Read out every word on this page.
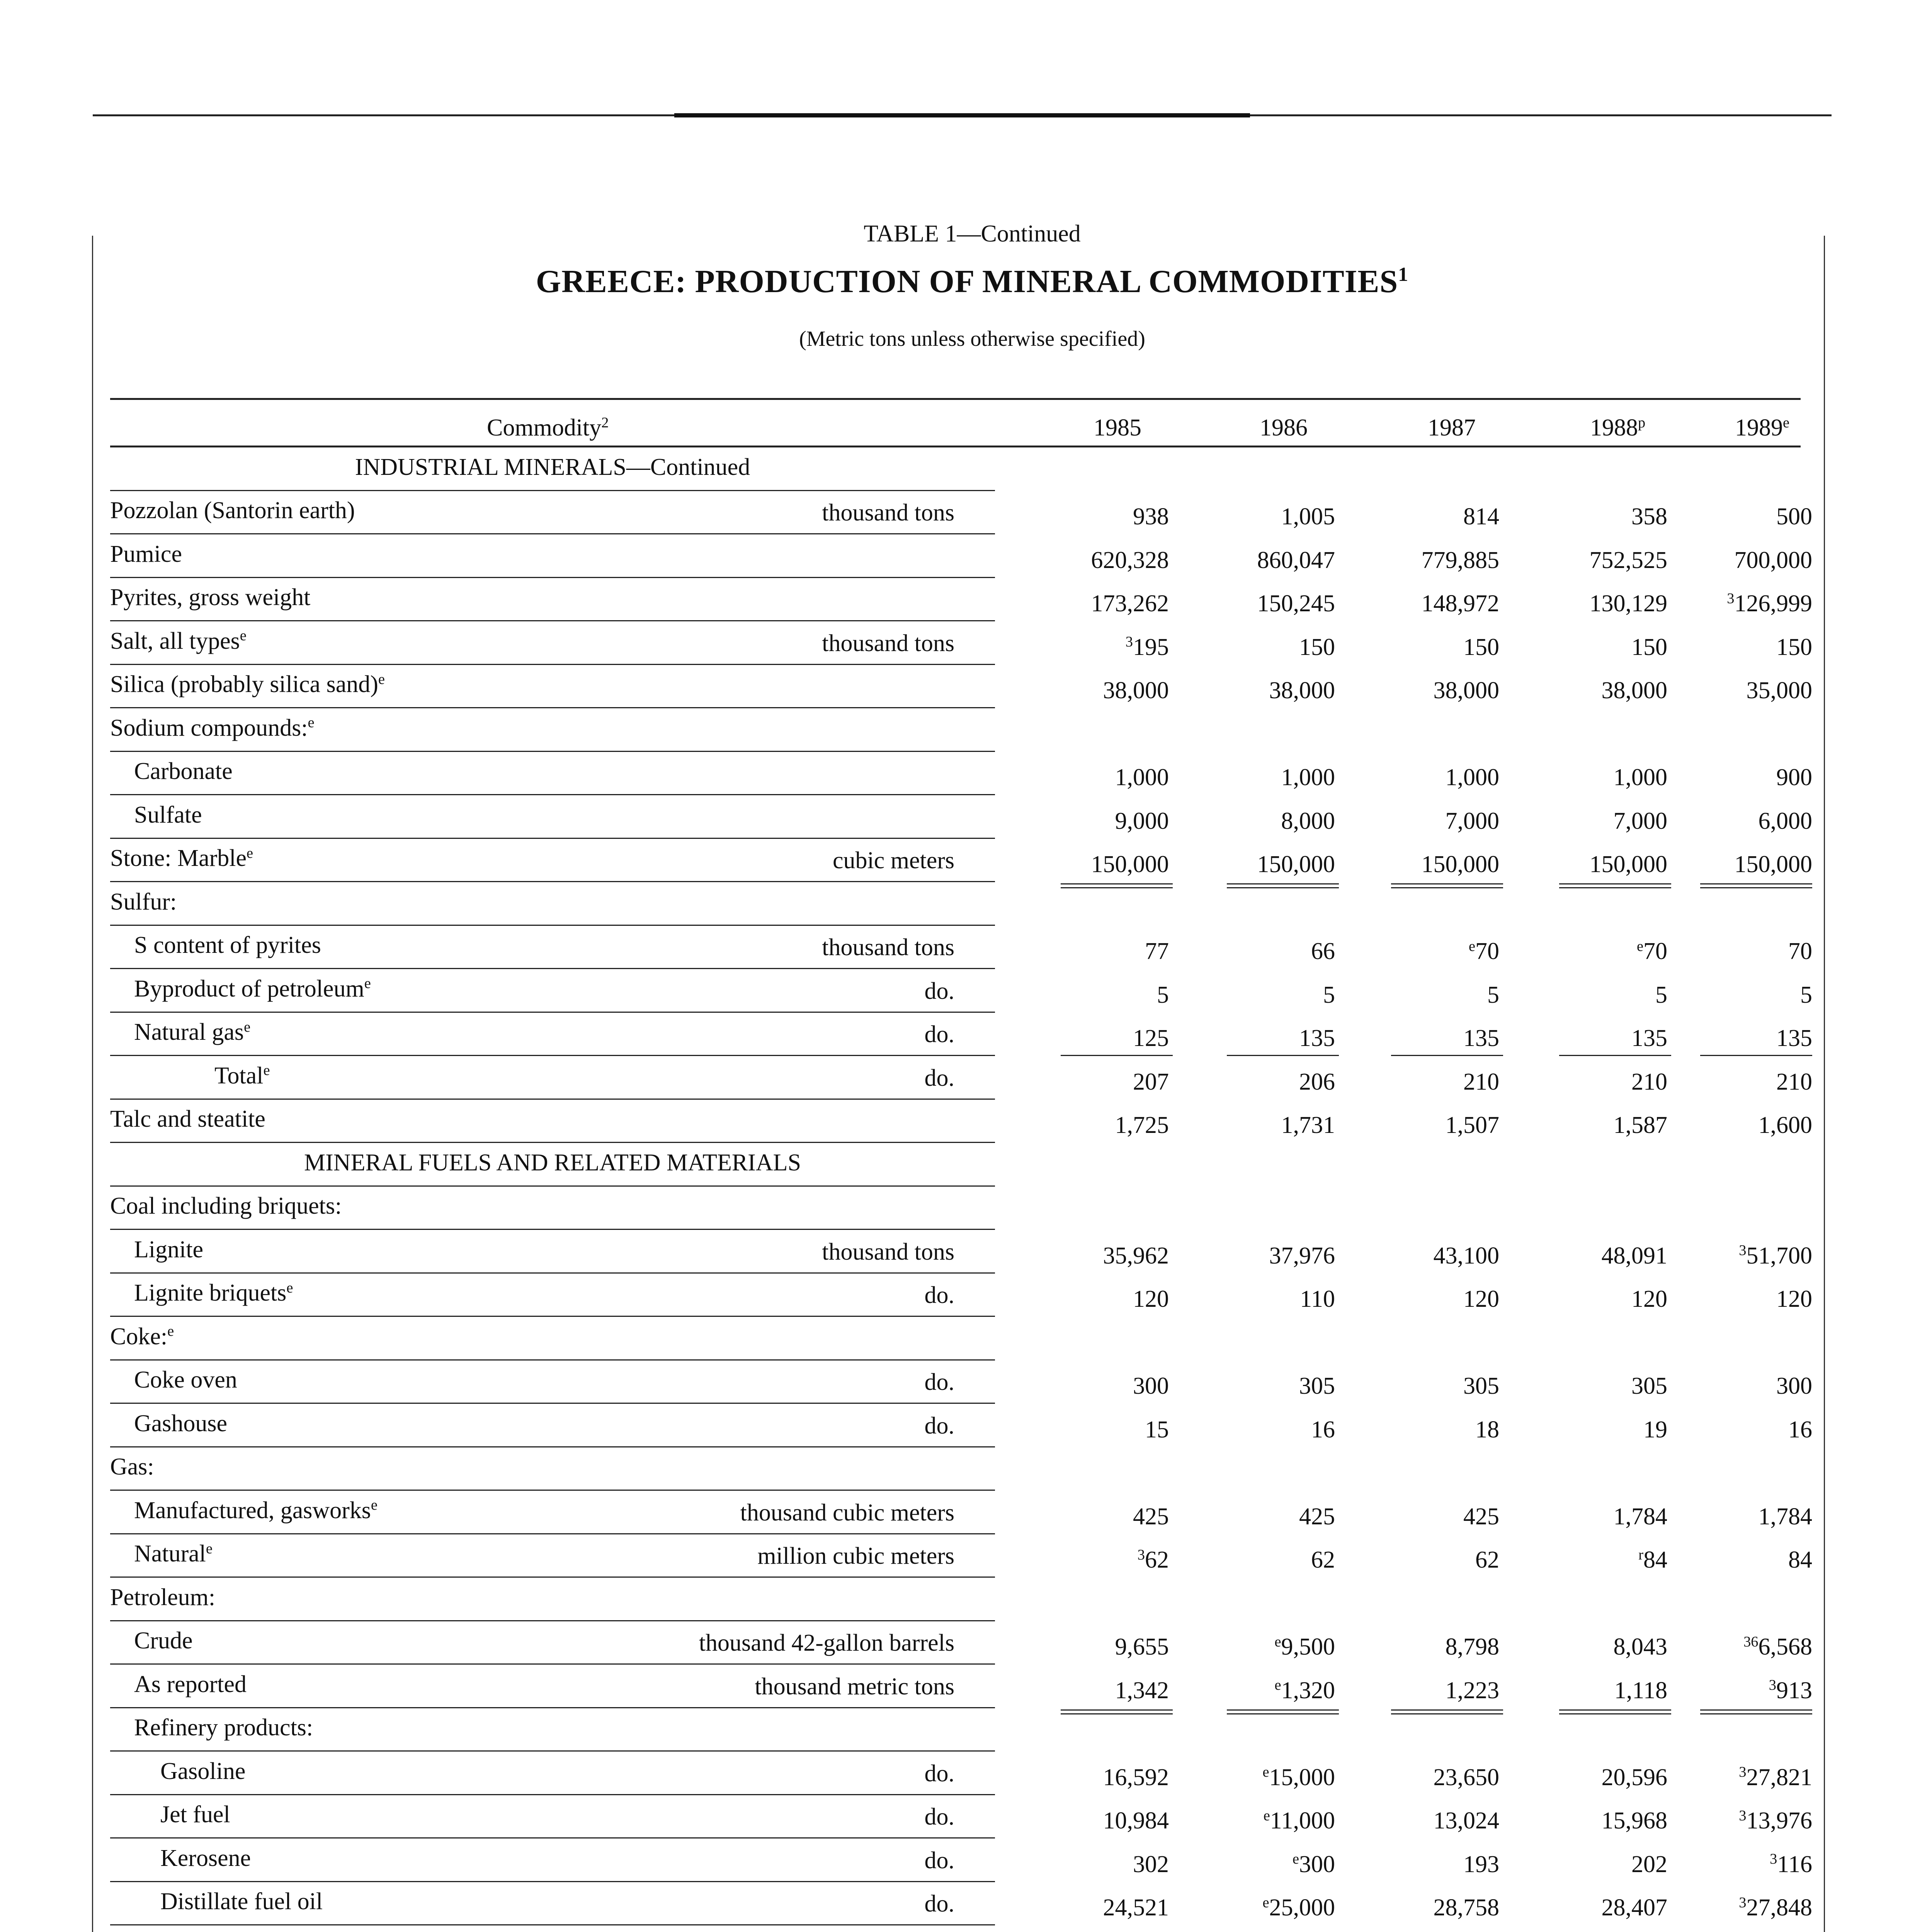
TABLE 1—Continued
GREECE: PRODUCTION OF MINERAL COMMODITIES$^1$
(Metric tons unless otherwise specified)
Commodity$^2$	1985	1986	1987	1988$^p$	1989e
INDUSTRIAL MINERALS—Continued
Pozzolan (Santorin earth)	thousand tons	938	1,005	814	358	500
Pumice	620,328	860,047	779,885	752,525	700,000
Pyrites, gross weight	173,262	150,245	148,972	130,129	$^3$126,999
Salt, all types$^e$	thousand tons	$^3$195	150	150	150	150
Silica (probably silica sand)$^e$	38,000	38,000	38,000	38,000	35,000
Sodium compounds:$^e$
Carbonate	1,000	1,000	1,000	1,000	900
Sulfate	9,000	8,000	7,000	7,000	6,000
Stone: Marble$^e$	cubic meters	150,000	150,000	150,000	150,000	150,000
Sulfur:
S content of pyrites	thousand tons	77	66	$^e$70	$^e$70	70
Byproduct of petroleum$^e$	do.	5	5	5	5	5
Natural gas$^e$	do.	125	135	135	135	135
Total$^e$	do.	207	206	210	210	210
Talc and steatite	1,725	1,731	1,507	1,587	1,600
MINERAL FUELS AND RELATED MATERIALS
Coal including briquets:
Lignite	thousand tons	35,962	37,976	43,100	48,091	$^3$51,700
Lignite briquets$^e$	do.	120	110	120	120	120
Coke:$^e$
Coke oven	do.	300	305	305	305	300
Gashouse	do.	15	16	18	19	16
Gas:
Manufactured, gasworks$^e$	thousand cubic meters	425	425	425	1,784	1,784
Natural$^e$	million cubic meters	$^3$62	62	62	$^r$84	84
Petroleum:
Crude	thousand 42-gallon barrels	9,655	$^e$9,500	8,798	8,043	$^{36}$6,568
As reported	thousand metric tons	1,342	$^e$1,320	1,223	1,118	$^3$913
Refinery products:
Gasoline	do.	16,592	$^e$15,000	23,650	20,596	$^3$27,821
Jet fuel	do.	10,984	$^e$11,000	13,024	15,968	$^3$13,976
Kerosene	do.	302	$^e$300	193	202	$^3$116
Distillate fuel oil	do.	24,521	$^e$25,000	28,758	28,407	$^3$27,848
